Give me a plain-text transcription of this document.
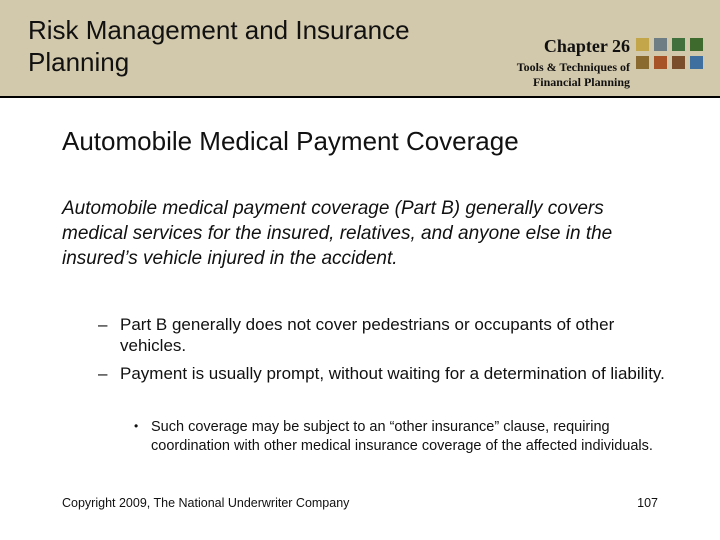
Risk Management and Insurance
Planning
Chapter 26
Tools & Techniques of
Financial Planning
Automobile Medical Payment Coverage
Automobile medical payment coverage (Part B) generally covers medical services for the insured, relatives, and anyone else in the insured’s vehicle injured in the accident.
– Part B generally does not cover pedestrians or occupants of other vehicles.
– Payment is usually prompt, without waiting for a determination of liability.
• Such coverage may be subject to an “other insurance” clause, requiring coordination with other medical insurance coverage of the affected individuals.
Copyright 2009, The National Underwriter Company	107
